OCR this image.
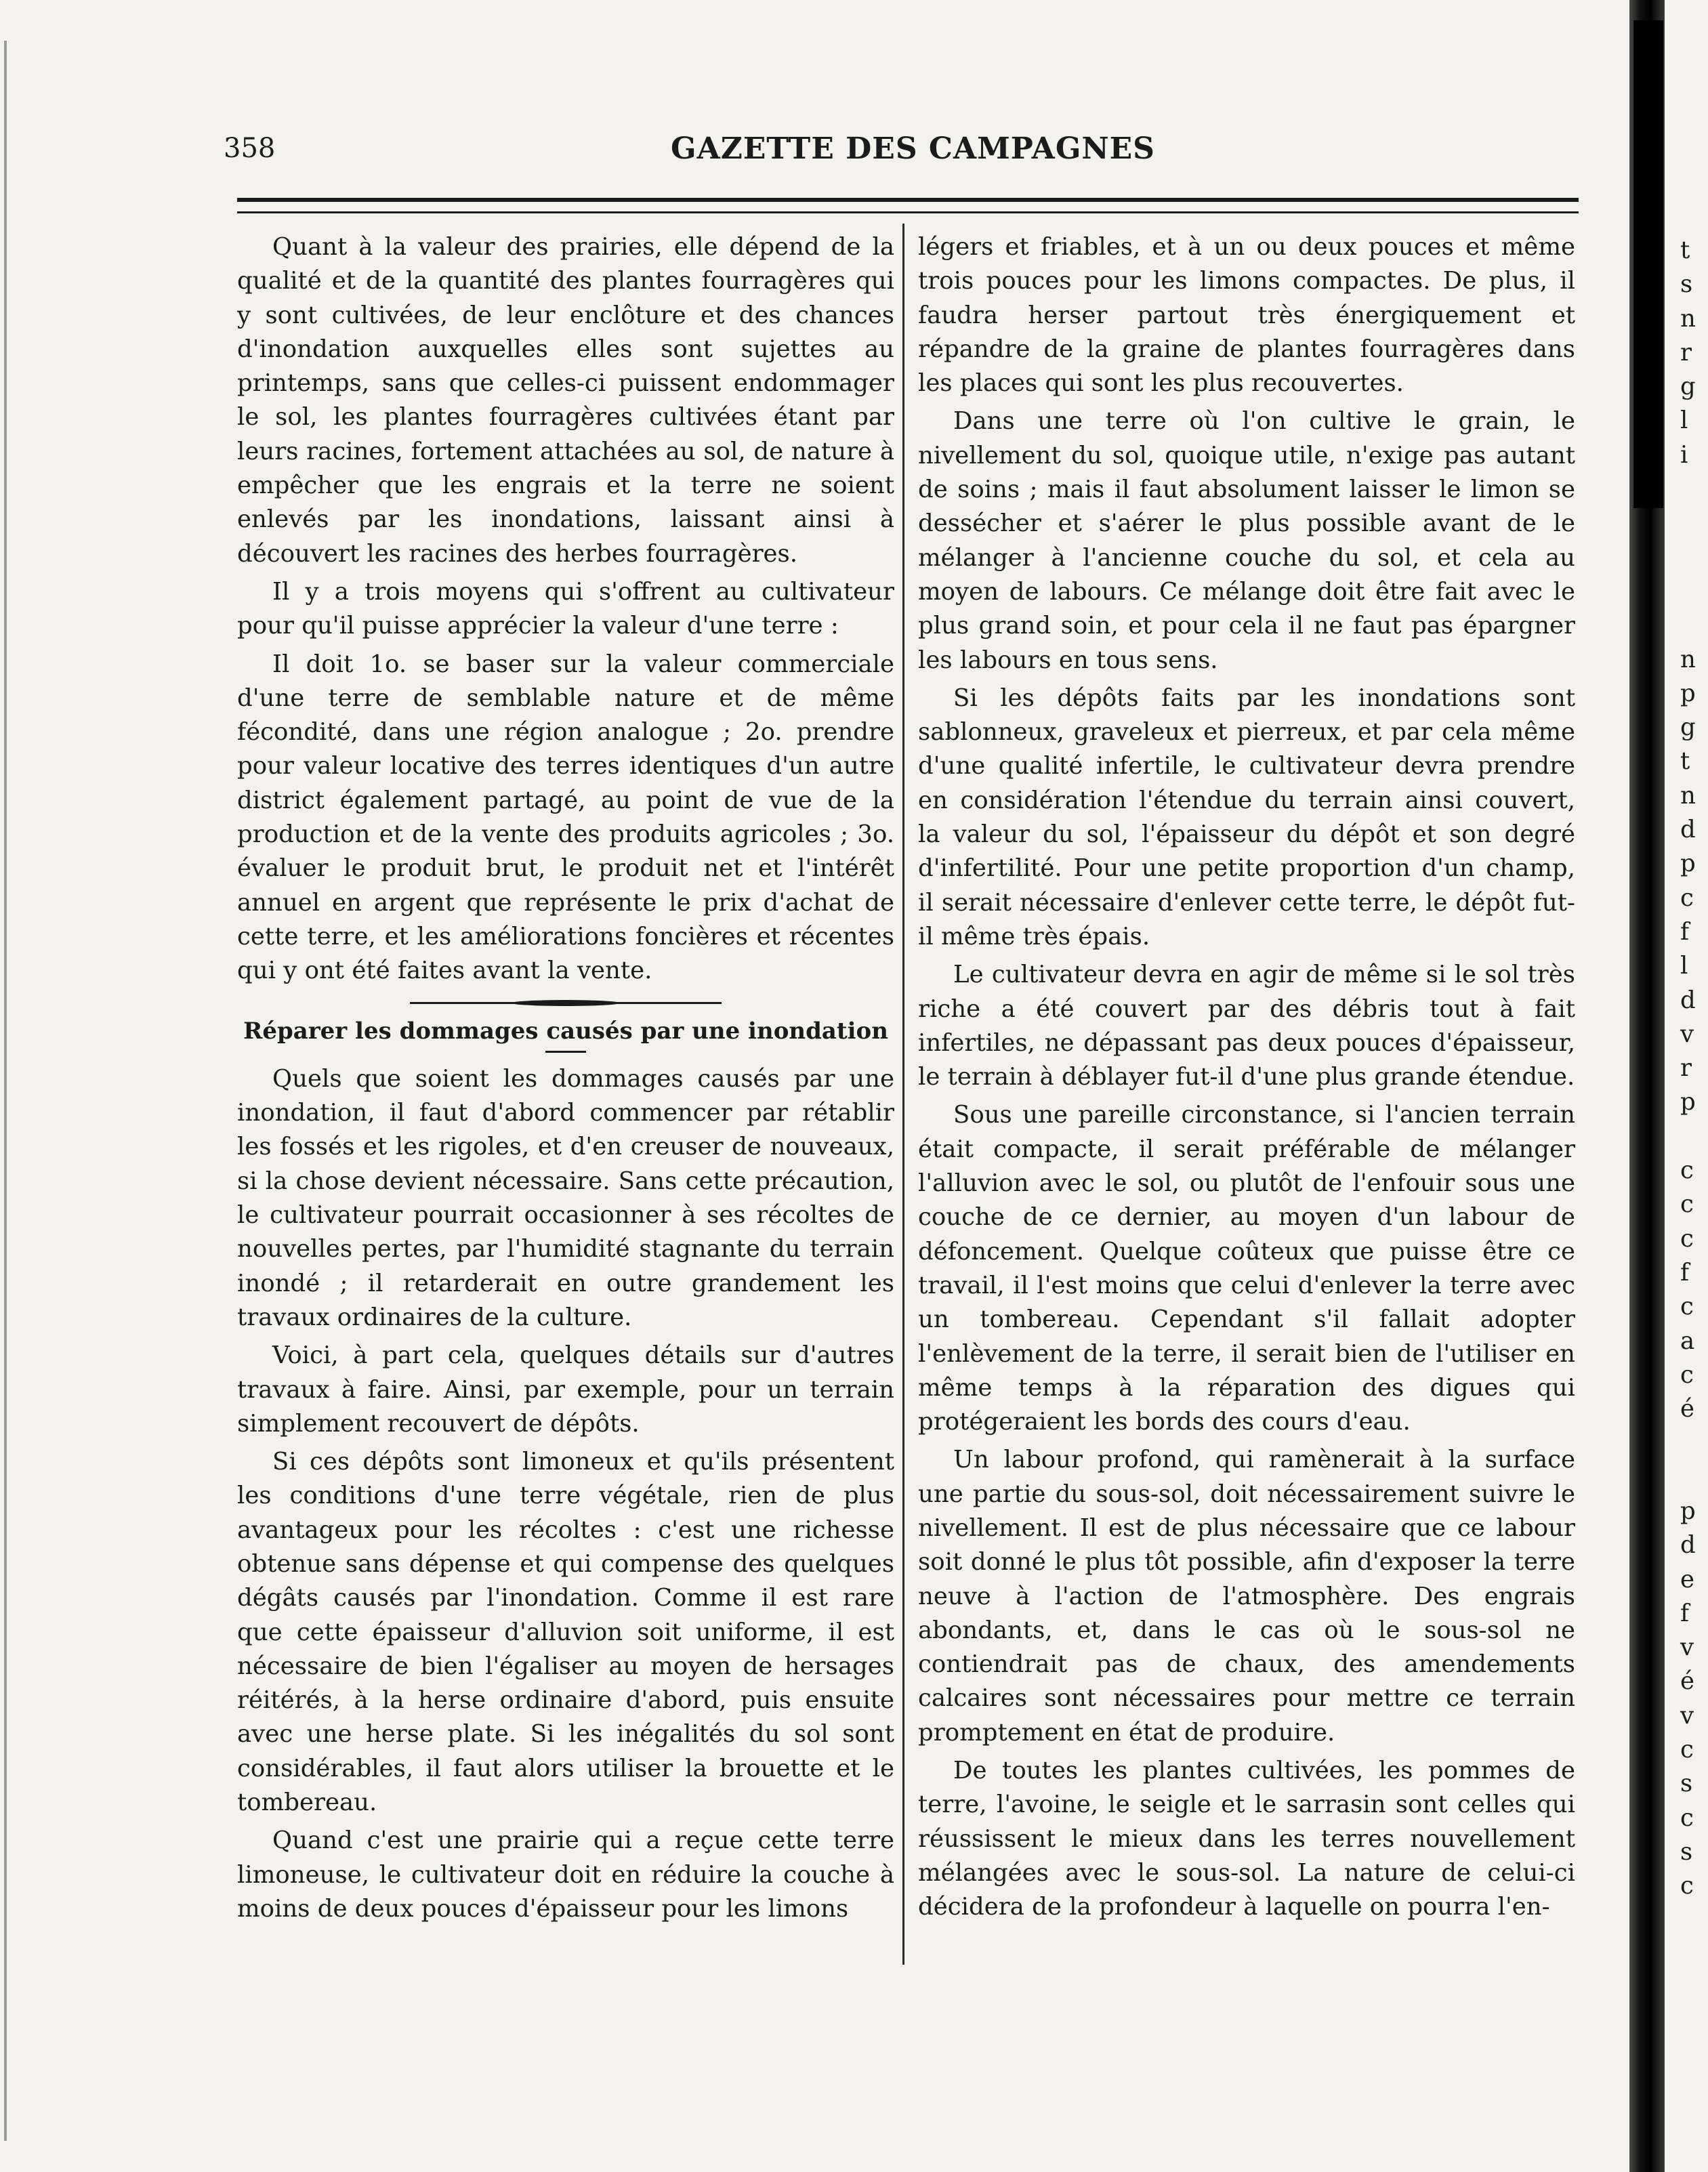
358	GAZETTE DES CAMPAGNES

Quant à la valeur des prairies, elle dépend de la qualité et de la quantité des plantes fourragères qui y sont cultivées, de leur enclôture et des chances d'inondation auxquelles elles sont sujettes au printemps, sans que celles-ci puissent endommager le sol, les plantes fourragères cultivées étant par leurs racines, fortement attachées au sol, de nature à empêcher que les engrais et la terre ne soient enlevés par les inondations, laissant ainsi à découvert les racines des herbes fourragères.

Il y a trois moyens qui s'offrent au cultivateur pour qu'il puisse apprécier la valeur d'une terre :

Il doit 1o. se baser sur la valeur commerciale d'une terre de semblable nature et de même fécondité, dans une région analogue ; 2o. prendre pour valeur locative des terres identiques d'un autre district également partagé, au point de vue de la production et de la vente des produits agricoles ; 3o. évaluer le produit brut, le produit net et l'intérêt annuel en argent que représente le prix d'achat de cette terre, et les améliorations foncières et récentes qui y ont été faites avant la vente.

Réparer les dommages causés par une inondation

Quels que soient les dommages causés par une inondation, il faut d'abord commencer par rétablir les fossés et les rigoles, et d'en creuser de nouveaux, si la chose devient nécessaire. Sans cette précaution, le cultivateur pourrait occasionner à ses récoltes de nouvelles pertes, par l'humidité stagnante du terrain inondé ; il retarderait en outre grandement les travaux ordinaires de la culture.

Voici, à part cela, quelques détails sur d'autres travaux à faire. Ainsi, par exemple, pour un terrain simplement recouvert de dépôts.

Si ces dépôts sont limoneux et qu'ils présentent les conditions d'une terre végétale, rien de plus avantageux pour les récoltes : c'est une richesse obtenue sans dépense et qui compense des quelques dégâts causés par l'inondation. Comme il est rare que cette épaisseur d'alluvion soit uniforme, il est nécessaire de bien l'égaliser au moyen de hersages réitérés, à la herse ordinaire d'abord, puis ensuite avec une herse plate. Si les inégalités du sol sont considérables, il faut alors utiliser la brouette et le tombereau.

Quand c'est une prairie qui a reçue cette terre limoneuse, le cultivateur doit en réduire la couche à moins de deux pouces d'épaisseur pour les limons

légers et friables, et à un ou deux pouces et même trois pouces pour les limons compactes. De plus, il faudra herser partout très énergiquement et répandre de la graine de plantes fourragères dans les places qui sont les plus recouvertes.

Dans une terre où l'on cultive le grain, le nivellement du sol, quoique utile, n'exige pas autant de soins ; mais il faut absolument laisser le limon se dessécher et s'aérer le plus possible avant de le mélanger à l'ancienne couche du sol, et cela au moyen de labours. Ce mélange doit être fait avec le plus grand soin, et pour cela il ne faut pas épargner les labours en tous sens.

Si les dépôts faits par les inondations sont sablonneux, graveleux et pierreux, et par cela même d'une qualité infertile, le cultivateur devra prendre en considération l'étendue du terrain ainsi couvert, la valeur du sol, l'épaisseur du dépôt et son degré d'infertilité. Pour une petite proportion d'un champ, il serait nécessaire d'enlever cette terre, le dépôt fut-il même très épais.

Le cultivateur devra en agir de même si le sol très riche a été couvert par des débris tout à fait infertiles, ne dépassant pas deux pouces d'épaisseur, le terrain à déblayer fut-il d'une plus grande étendue.

Sous une pareille circonstance, si l'ancien terrain était compacte, il serait préférable de mélanger l'alluvion avec le sol, ou plutôt de l'enfouir sous une couche de ce dernier, au moyen d'un labour de défoncement. Quelque coûteux que puisse être ce travail, il l'est moins que celui d'enlever la terre avec un tombereau. Cependant s'il fallait adopter l'enlèvement de la terre, il serait bien de l'utiliser en même temps à la réparation des digues qui protégeraient les bords des cours d'eau.

Un labour profond, qui ramènerait à la surface une partie du sous-sol, doit nécessairement suivre le nivellement. Il est de plus nécessaire que ce labour soit donné le plus tôt possible, afin d'exposer la terre neuve à l'action de l'atmosphère. Des engrais abondants, et, dans le cas où le sous-sol ne contiendrait pas de chaux, des amendements calcaires sont nécessaires pour mettre ce terrain promptement en état de produire.

De toutes les plantes cultivées, les pommes de terre, l'avoine, le seigle et le sarrasin sont celles qui réussissent le mieux dans les terres nouvellement mélangées avec le sous-sol. La nature de celui-ci décidera de la profondeur à laquelle on pourra l'en-

t
s
n
r
g
l
i
n
p
g
t
n
d
p
c
f
l
d
v
r
p
c
c
c
f
c
a
c
é
p
d
e
f
v
é
v
c
s
c
s
c
